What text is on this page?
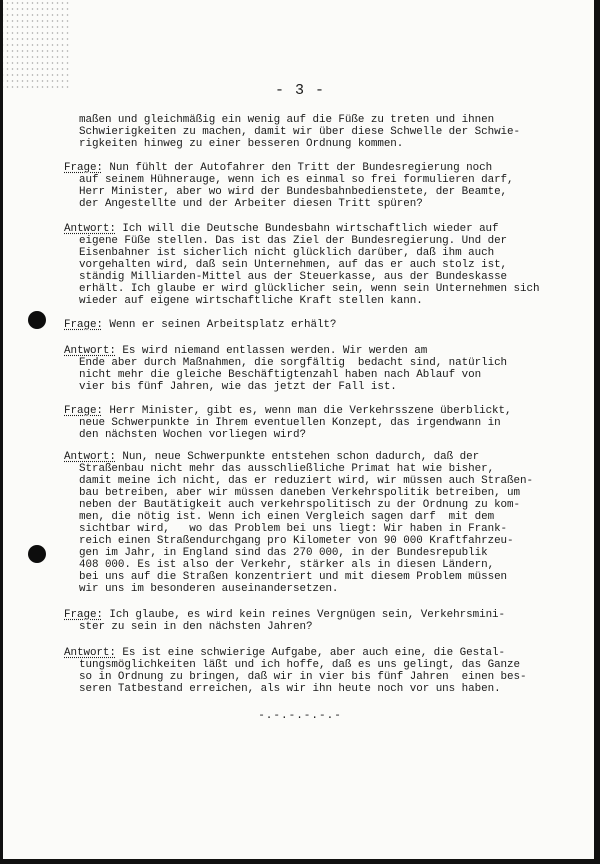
- 3 -
maßen und gleichmäßig ein wenig auf die Füße zu treten und ihnen
Schwierigkeiten zu machen, damit wir über diese Schwelle der Schwie-
rigkeiten hinweg zu einer besseren Ordnung kommen.
Frage: Nun fühlt der Autofahrer den Tritt der Bundesregierung noch
auf seinem Hühnerauge, wenn ich es einmal so frei formulieren darf,
Herr Minister, aber wo wird der Bundesbahnbedienstete, der Beamte,
der Angestellte und der Arbeiter diesen Tritt spüren?
Antwort: Ich will die Deutsche Bundesbahn wirtschaftlich wieder auf
eigene Füße stellen. Das ist das Ziel der Bundesregierung. Und der
Eisenbahner ist sicherlich nicht glücklich darüber, daß ihm auch
vorgehalten wird, daß sein Unternehmen, auf das er auch stolz ist,
ständig Milliarden-Mittel aus der Steuerkasse, aus der Bundeskasse
erhält. Ich glaube er wird glücklicher sein, wenn sein Unternehmen sich
wieder auf eigene wirtschaftliche Kraft stellen kann.
Frage: Wenn er seinen Arbeitsplatz erhält?
Antwort: Es wird niemand entlassen werden. Wir werden am
Ende aber durch Maßnahmen, die sorgfältig  bedacht sind, natürlich
nicht mehr die gleiche Beschäftigtenzahl haben nach Ablauf von
vier bis fünf Jahren, wie das jetzt der Fall ist.
Frage: Herr Minister, gibt es, wenn man die Verkehrsszene überblickt,
neue Schwerpunkte in Ihrem eventuellen Konzept, das irgendwann in
den nächsten Wochen vorliegen wird?
Antwort: Nun, neue Schwerpunkte entstehen schon dadurch, daß der
Straßenbau nicht mehr das ausschließliche Primat hat wie bisher,
damit meine ich nicht, das er reduziert wird, wir müssen auch Straßen-
bau betreiben, aber wir müssen daneben Verkehrspolitik betreiben, um
neben der Bautätigkeit auch verkehrspolitisch zu der Ordnung zu kom-
men, die nötig ist. Wenn ich einen Vergleich sagen darf  mit dem
sichtbar wird,   wo das Problem bei uns liegt: Wir haben in Frank-
reich einen Straßendurchgang pro Kilometer von 90 000 Kraftfahrzeu-
gen im Jahr, in England sind das 270 000, in der Bundesrepublik
408 000. Es ist also der Verkehr, stärker als in diesen Ländern,
bei uns auf die Straßen konzentriert und mit diesem Problem müssen
wir uns im besonderen auseinandersetzen.
Frage: Ich glaube, es wird kein reines Vergnügen sein, Verkehrsmini-
ster zu sein in den nächsten Jahren?
Antwort: Es ist eine schwierige Aufgabe, aber auch eine, die Gestal-
tungsmöglichkeiten läßt und ich hoffe, daß es uns gelingt, das Ganze
so in Ordnung zu bringen, daß wir in vier bis fünf Jahren  einen bes-
seren Tatbestand erreichen, als wir ihn heute noch vor uns haben.
-.-.-.-.-.-
